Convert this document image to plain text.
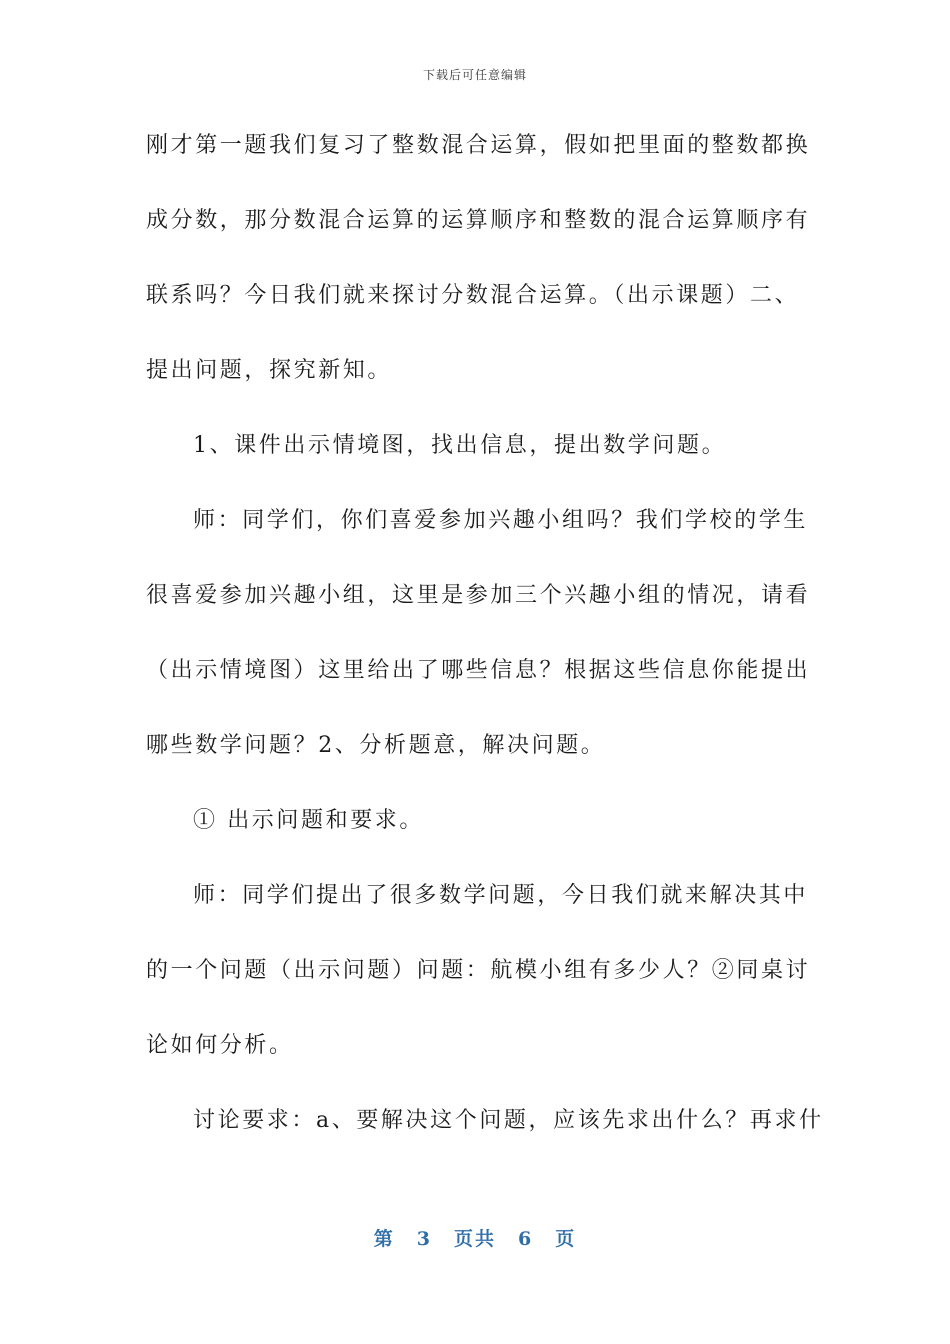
下载后可任意编辑
刚才第一题我们复习了整数混合运算，假如把里面的整数都换
成分数，那分数混合运算的运算顺序和整数的混合运算顺序有
联系吗？今日我们就来探讨分数混合运算。（出示课题）二、
提出问题，探究新知。
1、课件出示情境图，找出信息，提出数学问题。
师：同学们，你们喜爱参加兴趣小组吗？我们学校的学生
很喜爱参加兴趣小组，这里是参加三个兴趣小组的情况，请看
（出示情境图）这里给出了哪些信息？根据这些信息你能提出
哪些数学问题？2、分析题意，解决问题。
① 出示问题和要求。
师：同学们提出了很多数学问题，今日我们就来解决其中
的一个问题（出示问题）问题：航模小组有多少人？②同桌讨
论如何分析。
讨论要求：a、要解决这个问题，应该先求出什么？再求什
第 3 页共 6 页
